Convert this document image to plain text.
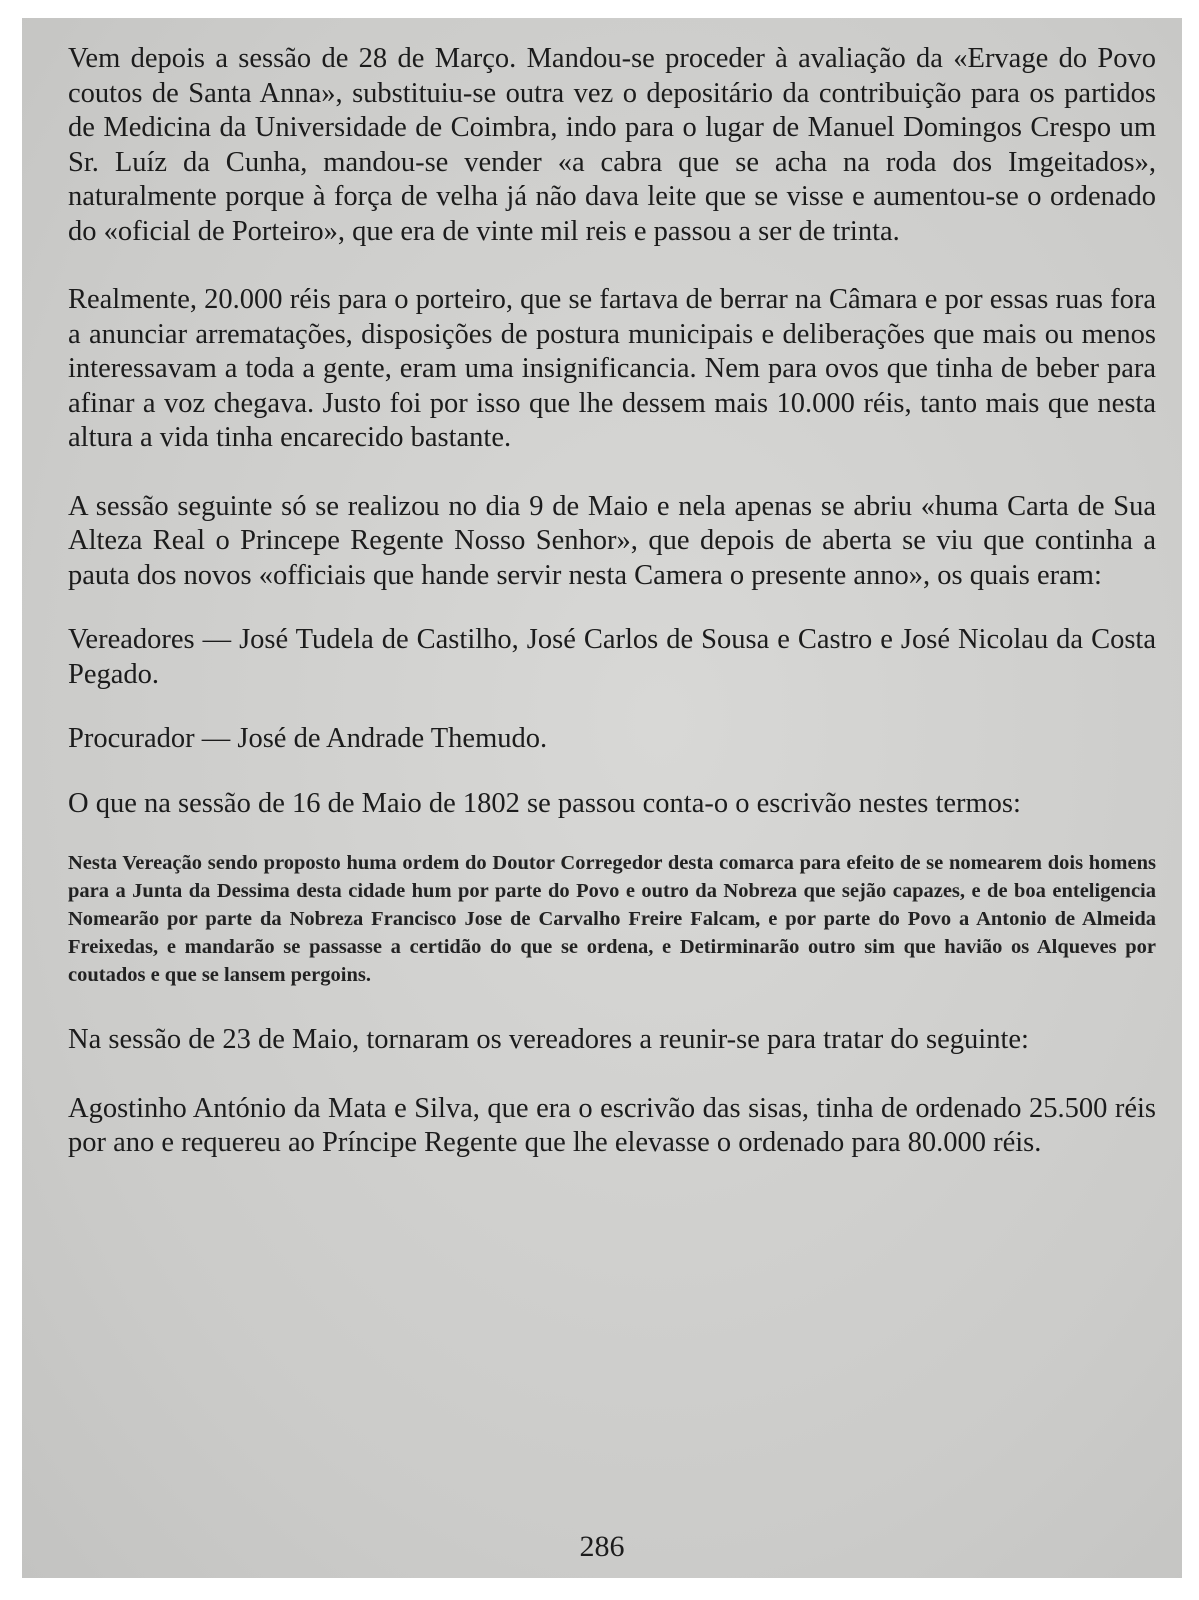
Vem depois a sessão de 28 de Março. Mandou-se proceder à avaliação da «Ervage do Povo coutos de Santa Anna», substituiu-se outra vez o depositário da contribuição para os partidos de Medicina da Universidade de Coimbra, indo para o lugar de Manuel Domingos Crespo um Sr. Luíz da Cunha, mandou-se vender «a cabra que se acha na roda dos Imgeitados», naturalmente porque à força de velha já não dava leite que se visse e aumentou-se o ordenado do «oficial de Porteiro», que era de vinte mil reis e passou a ser de trinta.

Realmente, 20.000 réis para o porteiro, que se fartava de berrar na Câmara e por essas ruas fora a anunciar arrematações, disposições de postura municipais e deliberações que mais ou menos interessavam a toda a gente, eram uma insignificancia. Nem para ovos que tinha de beber para afinar a voz chegava. Justo foi por isso que lhe dessem mais 10.000 réis, tanto mais que nesta altura a vida tinha encarecido bastante.

A sessão seguinte só se realizou no dia 9 de Maio e nela apenas se abriu «huma Carta de Sua Alteza Real o Princepe Regente Nosso Senhor», que depois de aberta se viu que continha a pauta dos novos «officiais que hande servir nesta Camera o presente anno», os quais eram:

Vereadores — José Tudela de Castilho, José Carlos de Sousa e Castro e José Nicolau da Costa Pegado.

Procurador — José de Andrade Themudo.

O que na sessão de 16 de Maio de 1802 se passou conta-o o escrivão nestes termos:

Nesta Vereação sendo proposto huma ordem do Doutor Corregedor desta comarca para efeito de se nomearem dois homens para a Junta da Dessima desta cidade hum por parte do Povo e outro da Nobreza que sejão capazes, e de boa enteligencia Nomearão por parte da Nobreza Francisco Jose de Carvalho Freire Falcam, e por parte do Povo a Antonio de Almeida Freixedas, e mandarão se passasse a certidão do que se ordena, e Detirminarão outro sim que havião os Alqueves por coutados e que se lansem pergoins.

Na sessão de 23 de Maio, tornaram os vereadores a reunir-se para tratar do seguinte:

Agostinho António da Mata e Silva, que era o escrivão das sisas, tinha de ordenado 25.500 réis por ano e requereu ao Príncipe Regente que lhe elevasse o ordenado para 80.000 réis.

286
